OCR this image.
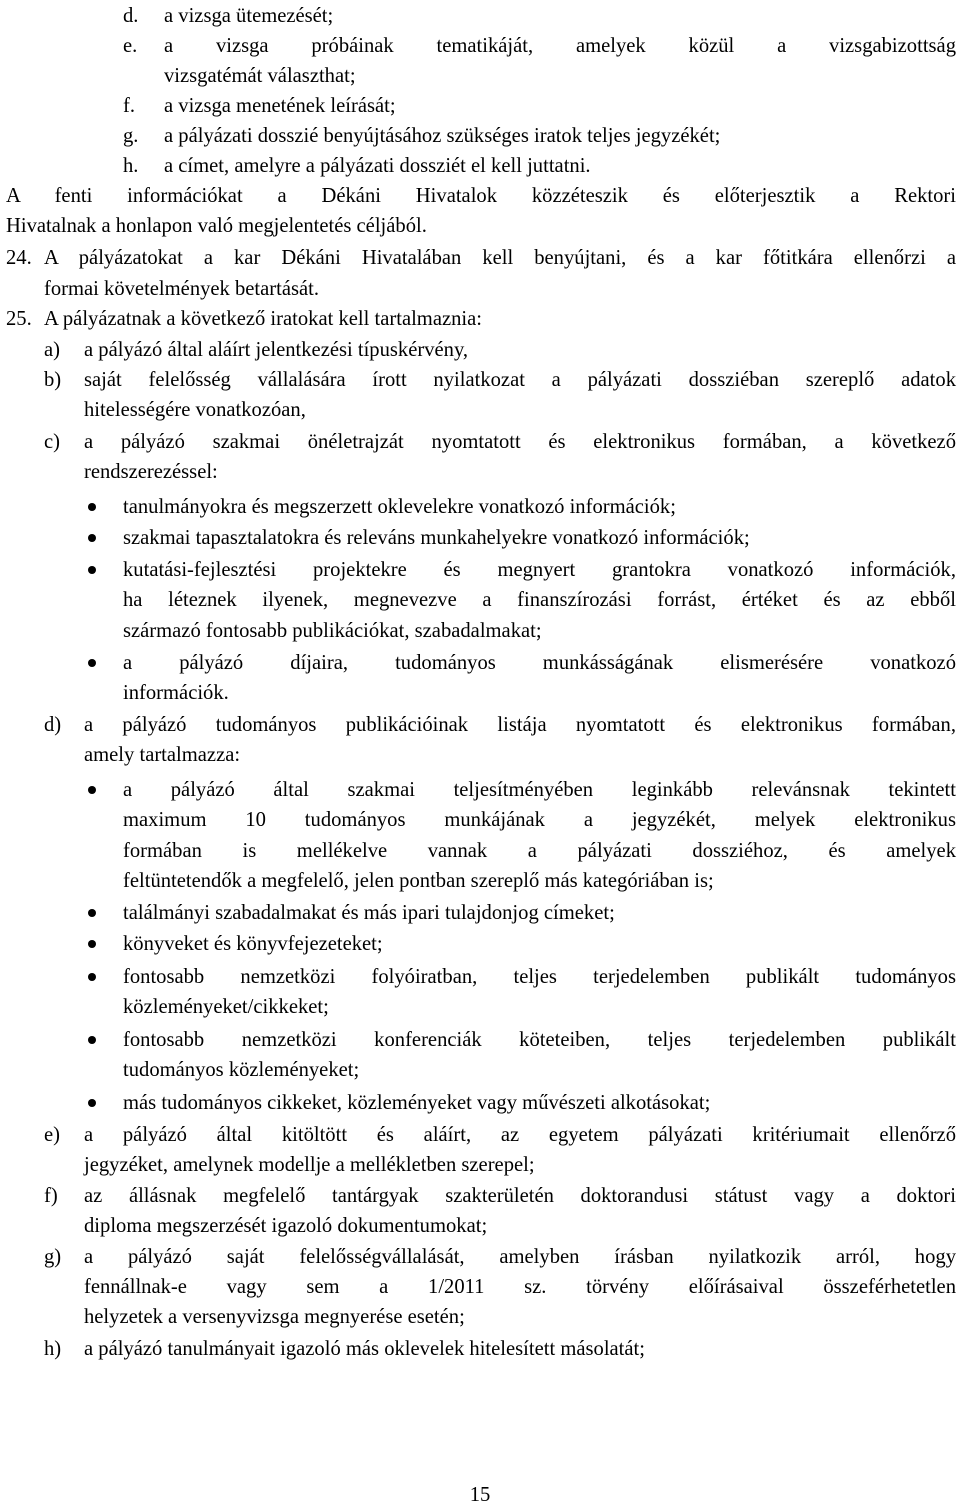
d. a vizsga ütemezését;
e. a vizsga próbáinak tematikáját, amelyek közül a vizsgabizottság
vizsgatémát választhat;
f. a vizsga menetének leírását;
g. a pályázati dosszié benyújtásához szükséges iratok teljes jegyzékét;
h. a címet, amelyre a pályázati dossziét el kell juttatni.
A fenti információkat a Dékáni Hivatalok közzéteszik és előterjesztik a Rektori
Hivatalnak a honlapon való megjelentetés céljából.
24. A pályázatokat a kar Dékáni Hivatalában kell benyújtani, és a kar főtitkára ellenőrzi a
formai követelmények betartását.
25. A pályázatnak a következő iratokat kell tartalmaznia:
a) a pályázó által aláírt jelentkezési típuskérvény,
b) saját felelősség vállalására írott nyilatkozat a pályázati dossziéban szereplő adatok
hitelességére vonatkozóan,
c) a pályázó szakmai önéletrajzát nyomtatott és elektronikus formában, a következő
rendszerezéssel:
tanulmányokra és megszerzett oklevelekre vonatkozó információk;
szakmai tapasztalatokra és releváns munkahelyekre vonatkozó információk;
kutatási-fejlesztési projektekre és megnyert grantokra vonatkozó információk,
ha léteznek ilyenek, megnevezve a finanszírozási forrást, értéket és az ebből
származó fontosabb publikációkat, szabadalmakat;
a pályázó díjaira, tudományos munkásságának elismerésére vonatkozó
információk.
d) a pályázó tudományos publikációinak listája nyomtatott és elektronikus formában,
amely tartalmazza:
a pályázó által szakmai teljesítményében leginkább relevánsnak tekintett
maximum 10 tudományos munkájának a jegyzékét, melyek elektronikus
formában is mellékelve vannak a pályázati dossziéhoz, és amelyek
feltüntetendők a megfelelő, jelen pontban szereplő más kategóriában is;
találmányi szabadalmakat és más ipari tulajdonjog címeket;
könyveket és könyvfejezeteket;
fontosabb nemzetközi folyóiratban, teljes terjedelemben publikált tudományos
közleményeket/cikkeket;
fontosabb nemzetközi konferenciák köteteiben, teljes terjedelemben publikált
tudományos közleményeket;
más tudományos cikkeket, közleményeket vagy művészeti alkotásokat;
e) a pályázó által kitöltött és aláírt, az egyetem pályázati kritériumait ellenőrző
jegyzéket, amelynek modellje a mellékletben szerepel;
f) az állásnak megfelelő tantárgyak szakterületén doktorandusi státust vagy a doktori
diploma megszerzését igazoló dokumentumokat;
g) a pályázó saját felelősségvállalását, amelyben írásban nyilatkozik arról, hogy
fennállnak-e vagy sem a 1/2011 sz. törvény előírásaival összeférhetetlen
helyzetek a versenyvizsga megnyerése esetén;
h) a pályázó tanulmányait igazoló más oklevelek hitelesített másolatát;
15
